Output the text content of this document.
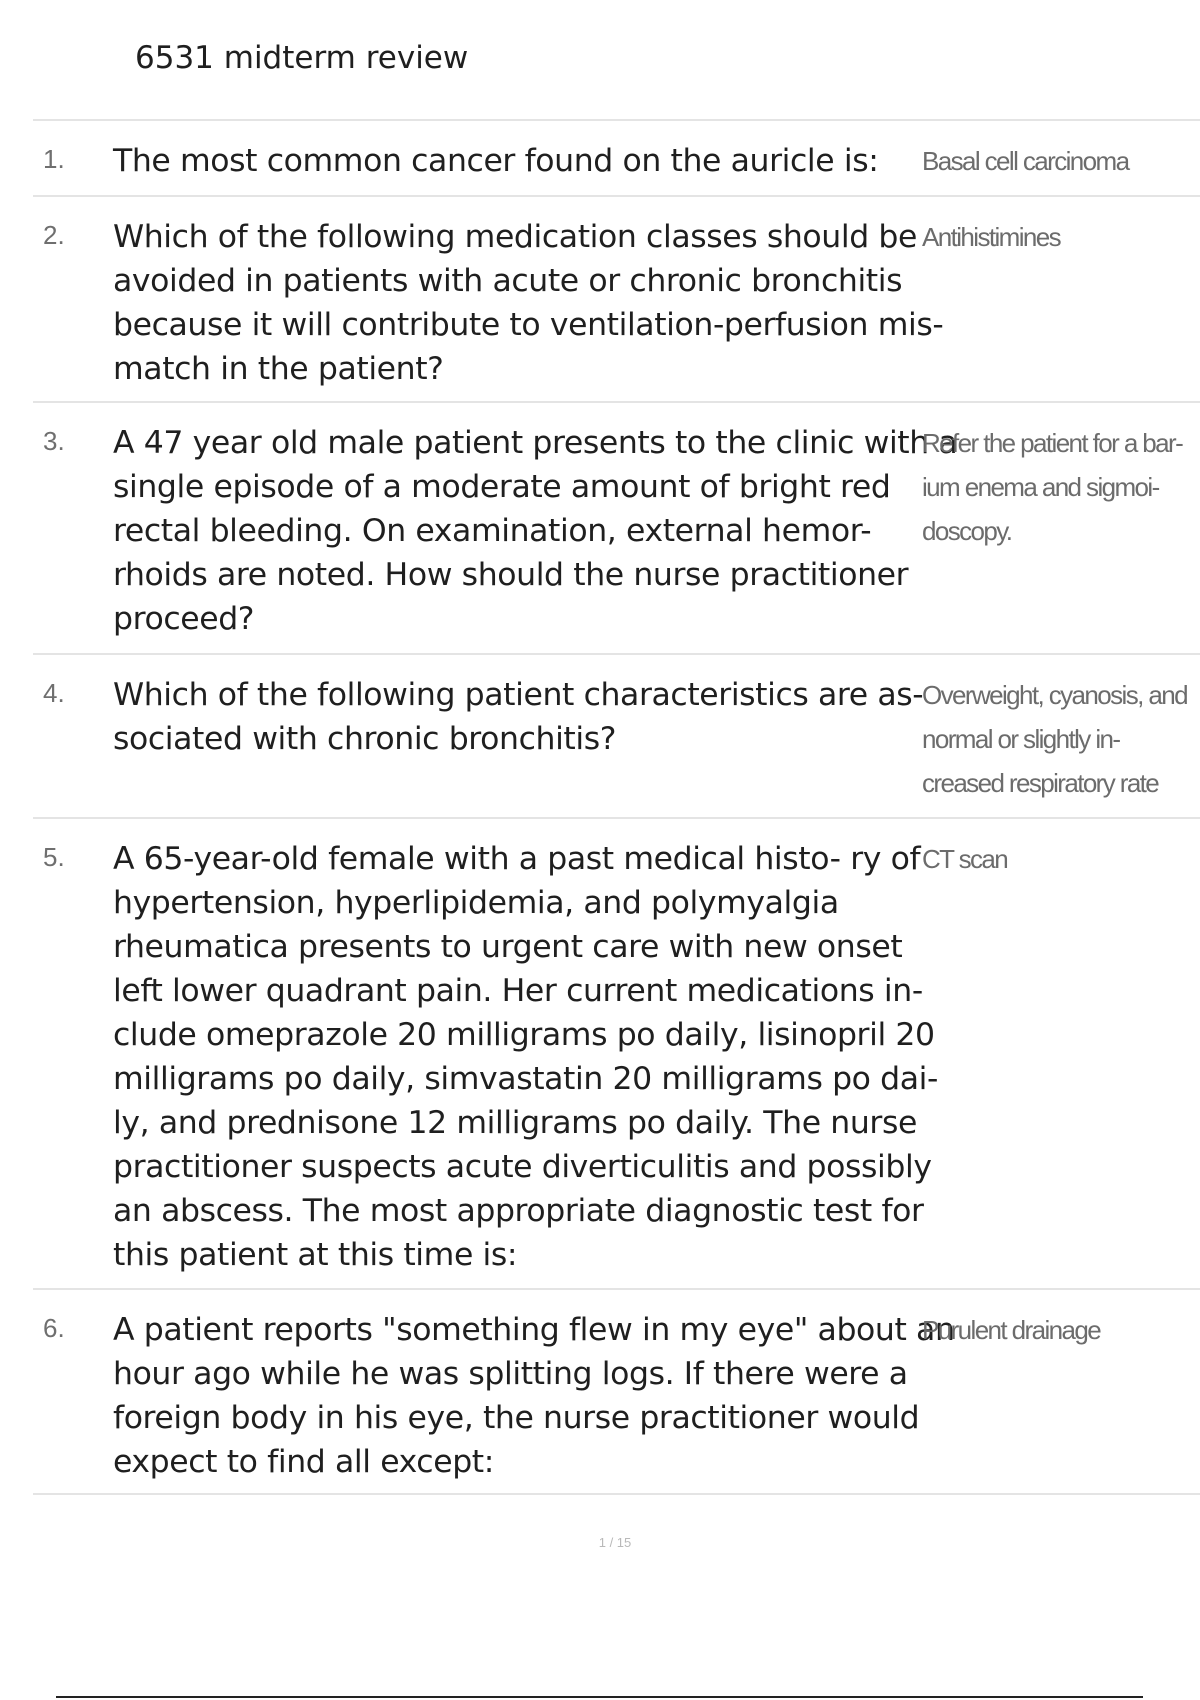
6531 midterm review
1. The most common cancer found on the auricle is:	Basal cell carcinoma
2. Which of the following medication classes should be avoided in patients with acute or chronic bronchitis because it will contribute to ventilation-perfusion mis- match in the patient?
Antihistimines
3. A 47 year old male patient presents to the clinic with a single episode of a moderate amount of bright red rectal bleeding. On examination, external hemor- rhoids are noted. How should the nurse practitioner proceed?
Refer the patient for a bar- ium enema and sigmoi- doscopy.
4. Which of the following patient characteristics are as- sociated with chronic bronchitis?
Overweight, cyanosis, and normal or slightly in- creased respiratory rate
5. A 65-year-old female with a past medical histo- ry of hypertension, hyperlipidemia, and polymyalgia rheumatica presents to urgent care with new onset left lower quadrant pain. Her current medications in- clude omeprazole 20 milligrams po daily, lisinopril 20 milligrams po daily, simvastatin 20 milligrams po dai- ly, and prednisone 12 milligrams po daily. The nurse practitioner suspects acute diverticulitis and possibly an abscess. The most appropriate diagnostic test for this patient at this time is:
CT scan
6. A patient reports "something flew in my eye" about an hour ago while he was splitting logs. If there were a foreign body in his eye, the nurse practitioner would expect to find all except:
Purulent drainage
1 / 15
